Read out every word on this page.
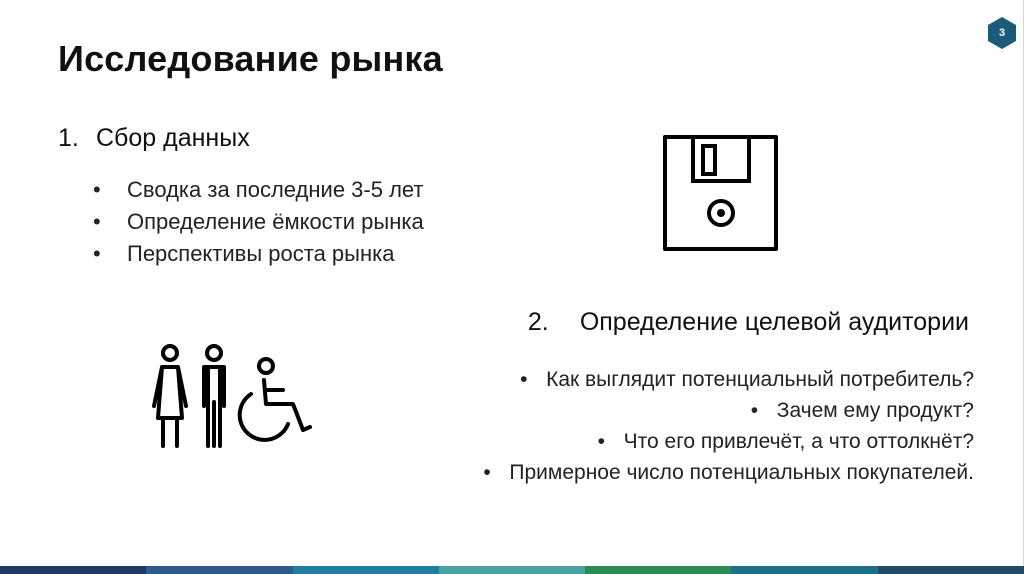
3
Исследование рынка
1. Сбор данных
• Сводка за последние 3-5 лет
• Определение ёмкости рынка
• Перспективы роста рынка
2. Определение целевой аудитории
• Как выглядит потенциальный потребитель?
• Зачем ему продукт?
• Что его привлечёт, а что оттолкнёт?
• Примерное число потенциальных покупателей.
